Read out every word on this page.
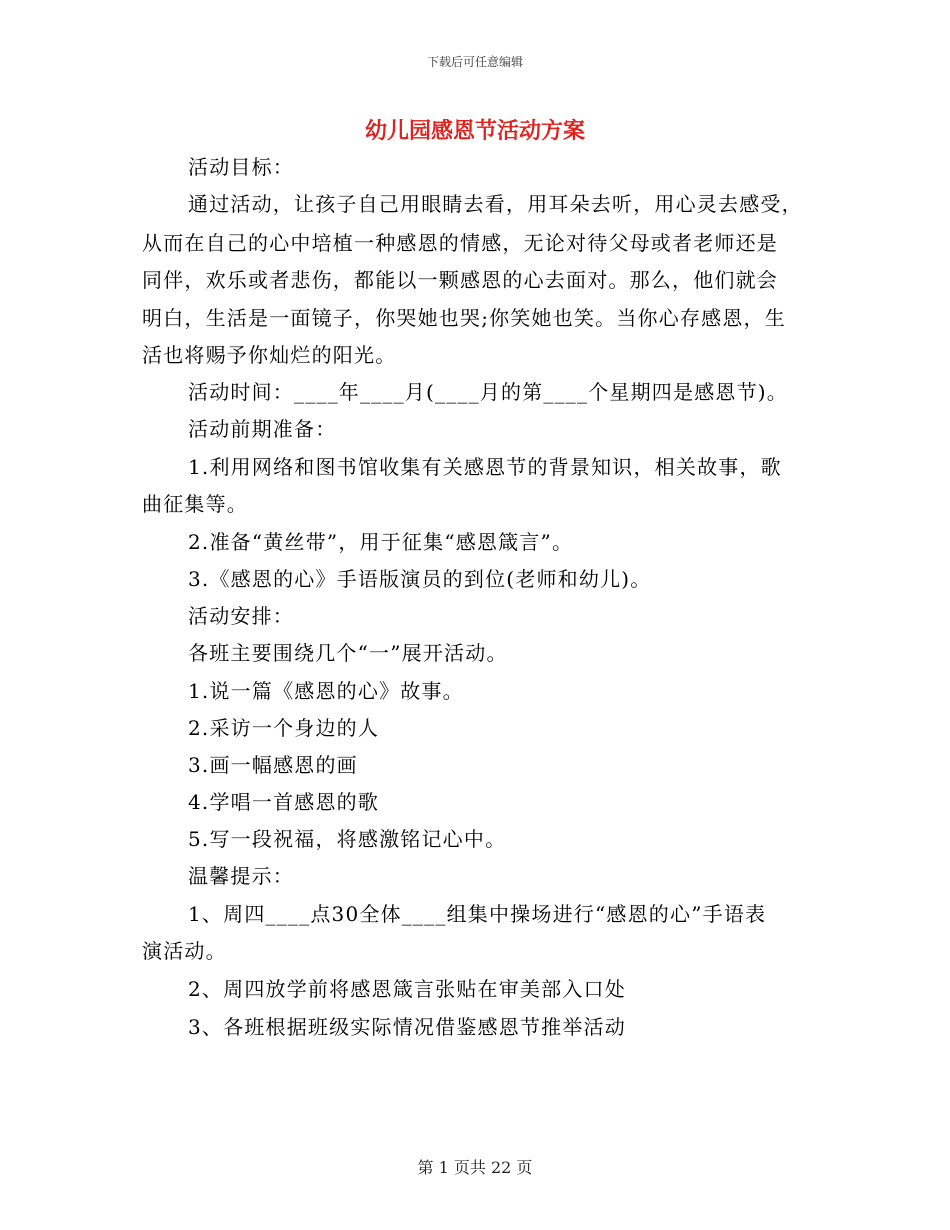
下载后可任意编辑
幼儿园感恩节活动方案
活动目标：
通过活动，让孩子自己用眼睛去看，用耳朵去听，用心灵去感受，
从而在自己的心中培植一种感恩的情感，无论对待父母或者老师还是
同伴，欢乐或者悲伤，都能以一颗感恩的心去面对。那么，他们就会
明白，生活是一面镜子，你哭她也哭;你笑她也笑。当你心存感恩，生
活也将赐予你灿烂的阳光。
活动时间：____年____月(____月的第____个星期四是感恩节)。
活动前期准备：
1.利用网络和图书馆收集有关感恩节的背景知识，相关故事，歌
曲征集等。
2.准备“黄丝带”，用于征集“感恩箴言”。
3.《感恩的心》手语版演员的到位(老师和幼儿)。
活动安排：
各班主要围绕几个“一”展开活动。
1.说一篇《感恩的心》故事。
2.采访一个身边的人
3.画一幅感恩的画
4.学唱一首感恩的歌
5.写一段祝福，将感激铭记心中。
温馨提示：
1、周四____点30全体____组集中操场进行“感恩的心”手语表
演活动。
2、周四放学前将感恩箴言张贴在审美部入口处
3、各班根据班级实际情况借鉴感恩节推举活动
第 1 页共 22 页
